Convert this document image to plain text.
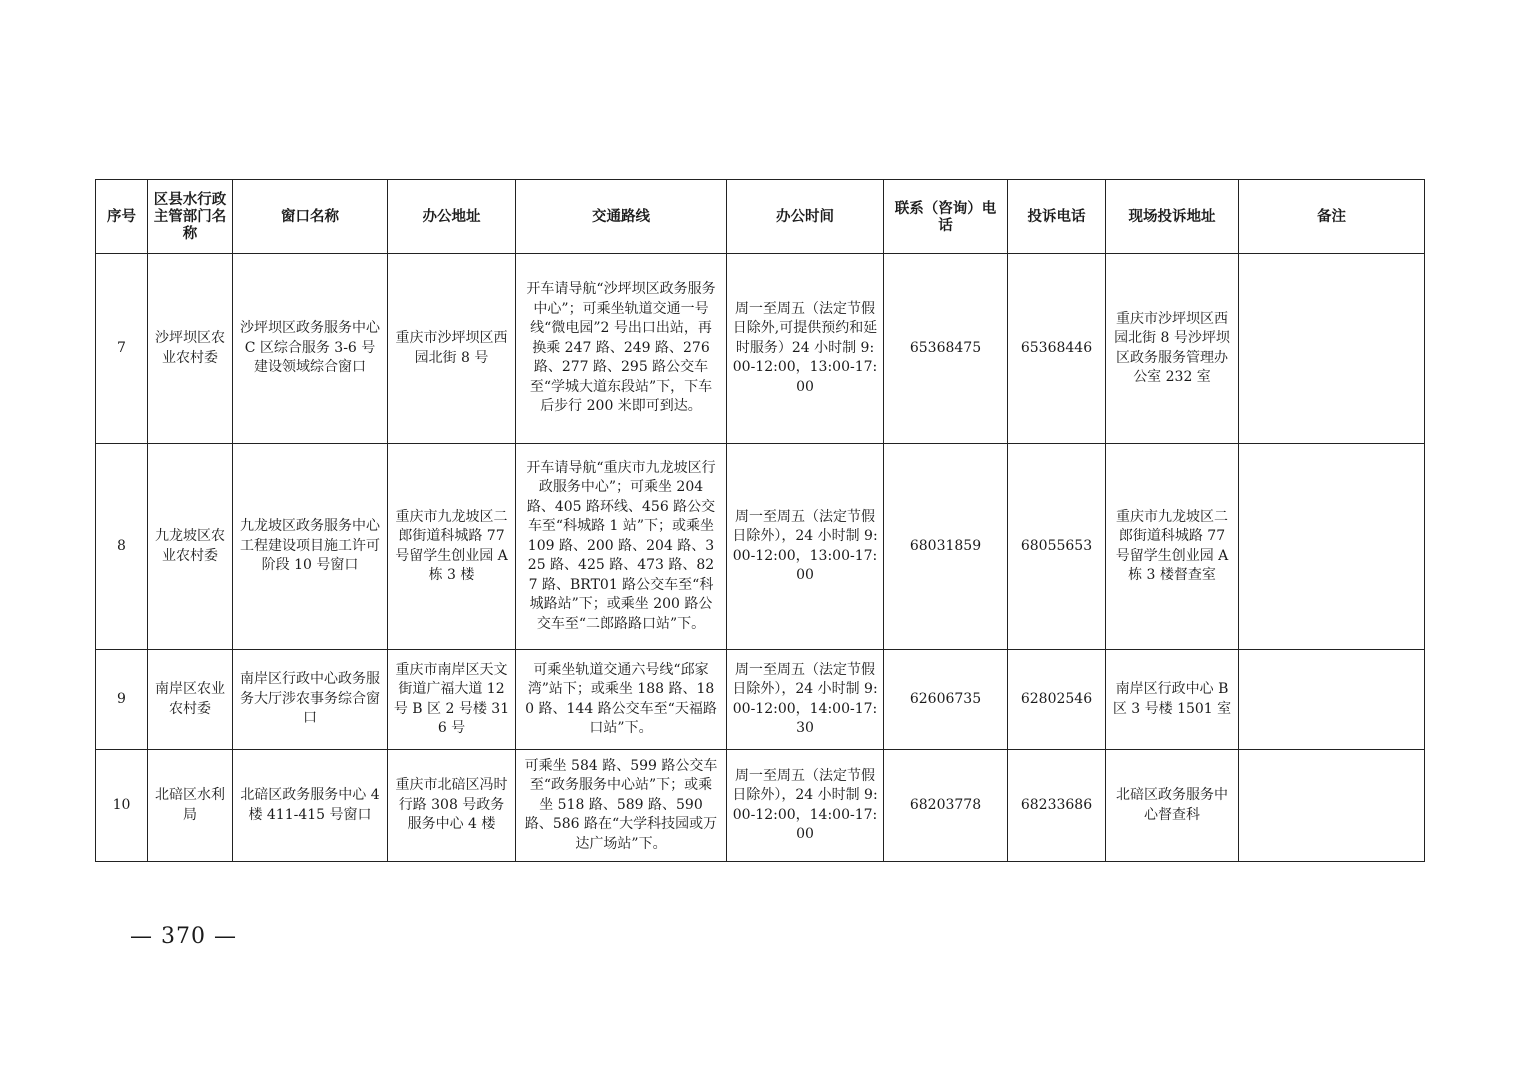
序号	区县水行政主管部门名称	窗口名称	办公地址	交通路线	办公时间	联系（咨询）电话	投诉电话	现场投诉地址	备注
7	沙坪坝区农业农村委	沙坪坝区政务服务中心 C 区综合服务 3-6 号建设领域综合窗口	重庆市沙坪坝区西园北街 8 号	开车请导航“沙坪坝区政务服务中心”；可乘坐轨道交通一号线“微电园”2 号出口出站，再换乘 247 路、249 路、276 路、277 路、295 路公交车至“学城大道东段站”下，下车后步行 200 米即可到达。	周一至周五（法定节假日除外,可提供预约和延时服务）24 小时制 9:00-12:00，13:00-17:00	65368475	65368446	重庆市沙坪坝区西园北街 8 号沙坪坝区政务服务管理办公室 232 室	
8	九龙坡区农业农村委	九龙坡区政务服务中心工程建设项目施工许可阶段 10 号窗口	重庆市九龙坡区二郎街道科城路 77 号留学生创业园 A 栋 3 楼	开车请导航“重庆市九龙坡区行政服务中心”；可乘坐 204 路、405 路环线、456 路公交车至“科城路 1 站”下；或乘坐 109 路、200 路、204 路、325 路、425 路、473 路、827 路、BRT01 路公交车至“科城路站”下；或乘坐 200 路公交车至“二郎路路口站”下。	周一至周五（法定节假日除外），24 小时制 9:00-12:00，13:00-17:00	68031859	68055653	重庆市九龙坡区二郎街道科城路 77 号留学生创业园 A 栋 3 楼督查室	
9	南岸区农业农村委	南岸区行政中心政务服务大厅涉农事务综合窗口	重庆市南岸区天文街道广福大道 12 号 B 区 2 号楼 316 号	可乘坐轨道交通六号线“邱家湾”站下；或乘坐 188 路、180 路、144 路公交车至“天福路口站”下。	周一至周五（法定节假日除外），24 小时制 9:00-12:00，14:00-17:30	62606735	62802546	南岸区行政中心 B 区 3 号楼 1501 室	
10	北碚区水利局	北碚区政务服务中心 4 楼 411-415 号窗口	重庆市北碚区冯时行路 308 号政务服务中心 4 楼	可乘坐 584 路、599 路公交车至“政务服务中心站”下；或乘坐 518 路、589 路、590 路、586 路在“大学科技园或万达广场站”下。	周一至周五（法定节假日除外），24 小时制 9:00-12:00，14:00-17:00	68203778	68233686	北碚区政务服务中心督查科	
— 370 —
